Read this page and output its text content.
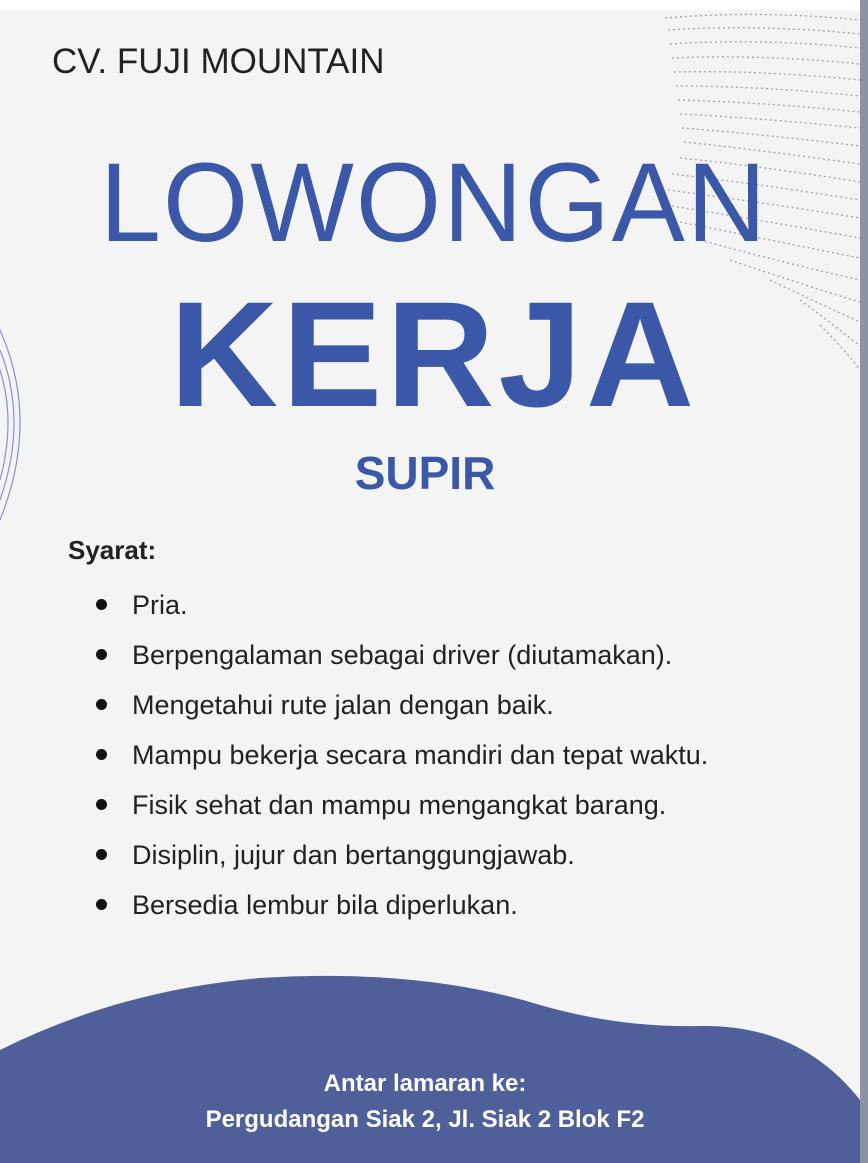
CV. FUJI MOUNTAIN
LOWONGAN
KERJA
SUPIR
Syarat:
Pria.
Berpengalaman sebagai driver (diutamakan).
Mengetahui rute jalan dengan baik.
Mampu bekerja secara mandiri dan tepat waktu.
Fisik sehat dan mampu mengangkat barang.
Disiplin, jujur dan bertanggungjawab.
Bersedia lembur bila diperlukan.
Antar lamaran ke:
Pergudangan Siak 2, Jl. Siak 2 Blok F2
